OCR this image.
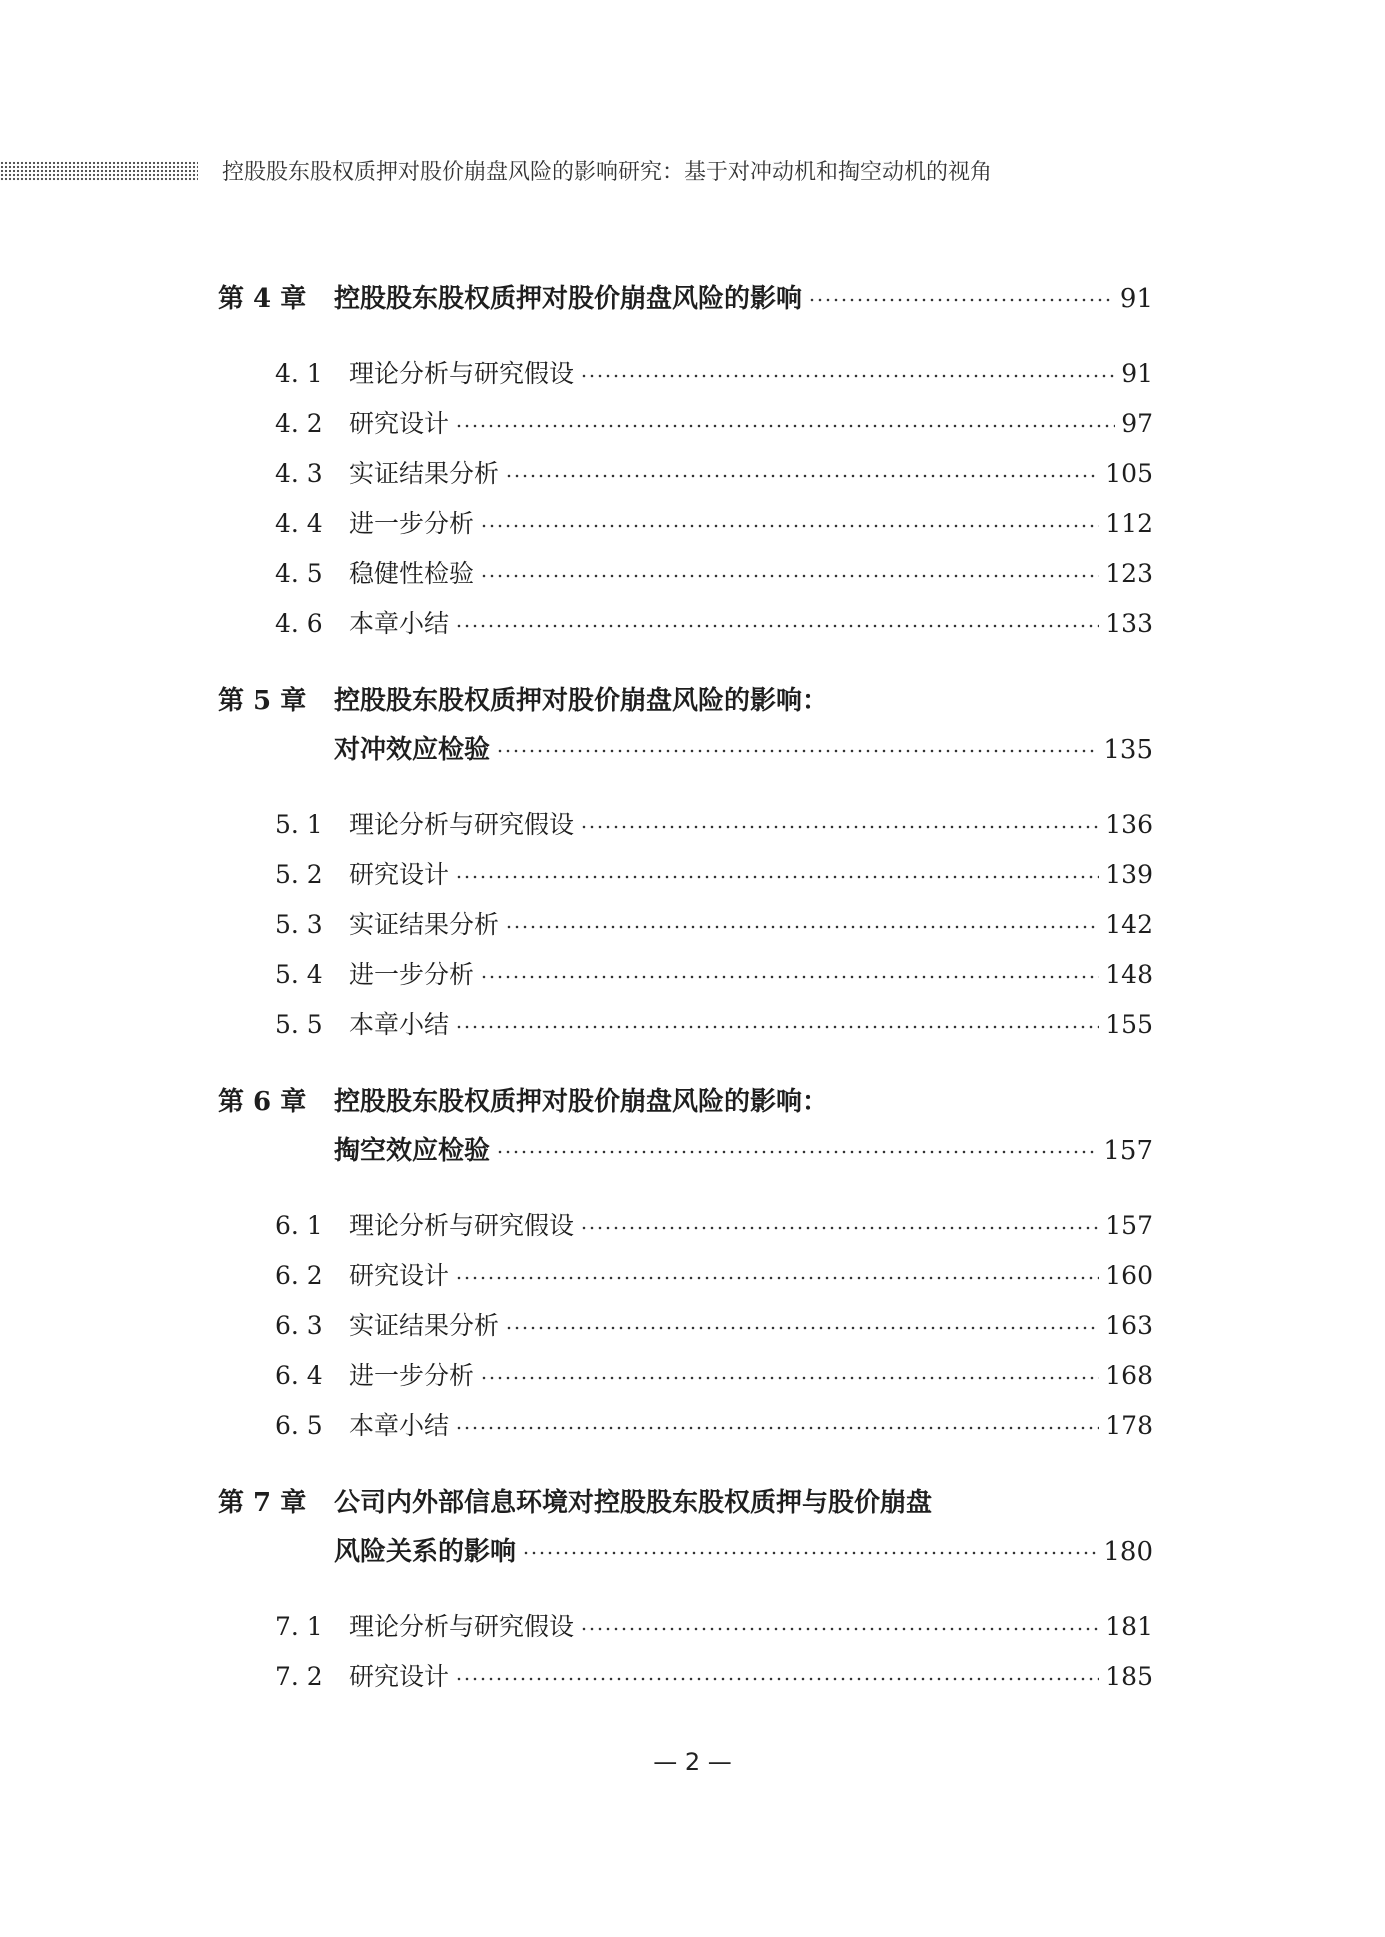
控股股东股权质押对股价崩盘风险的影响研究：基于对冲动机和掏空动机的视角
第 4 章 控股股东股权质押对股价崩盘风险的影响	91
4. 1 理论分析与研究假设	91
4. 2 研究设计	97
4. 3 实证结果分析	105
4. 4 进一步分析	112
4. 5 稳健性检验	123
4. 6 本章小结	133
第 5 章 控股股东股权质押对股价崩盘风险的影响：
对冲效应检验	135
5. 1 理论分析与研究假设	136
5. 2 研究设计	139
5. 3 实证结果分析	142
5. 4 进一步分析	148
5. 5 本章小结	155
第 6 章 控股股东股权质押对股价崩盘风险的影响：
掏空效应检验	157
6. 1 理论分析与研究假设	157
6. 2 研究设计	160
6. 3 实证结果分析	163
6. 4 进一步分析	168
6. 5 本章小结	178
第 7 章 公司内外部信息环境对控股股东股权质押与股价崩盘
风险关系的影响	180
7. 1 理论分析与研究假设	181
7. 2 研究设计	185
— 2 —
